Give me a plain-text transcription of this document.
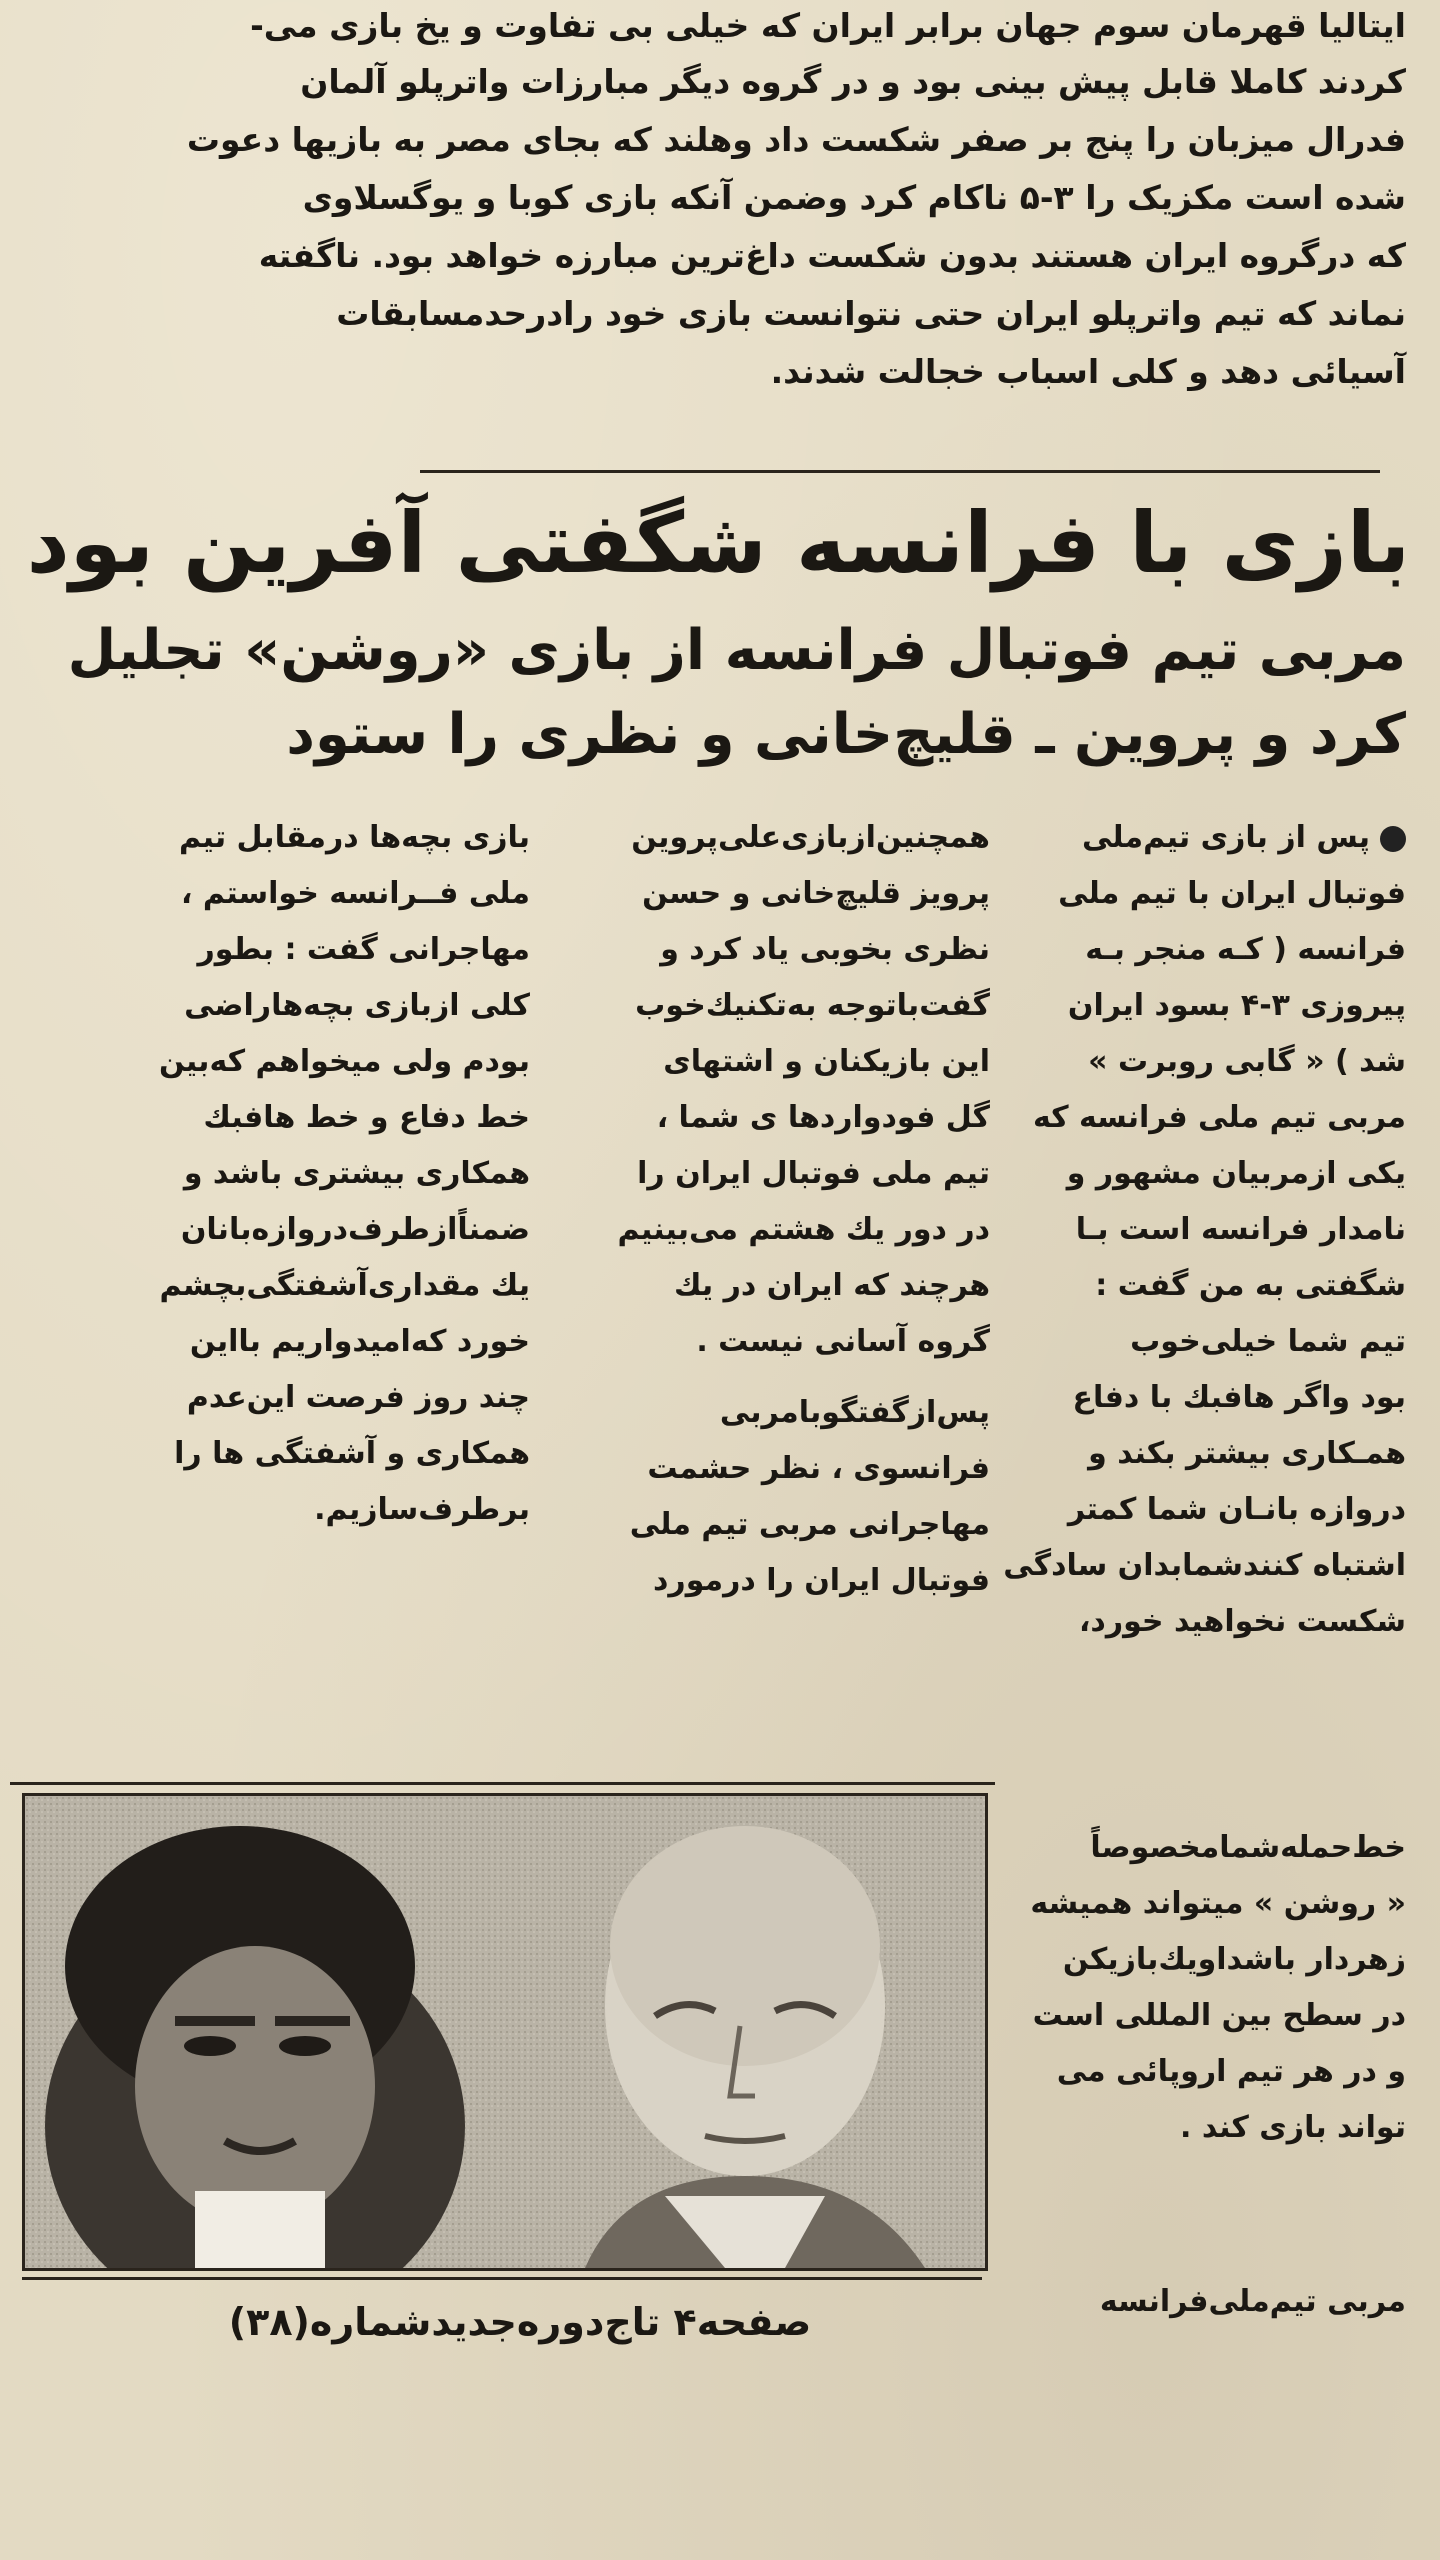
ایتالیا قهرمان سوم جهان برابر ایران که خیلی بی تفاوت و یخ بازی می-
کردند کاملا قابل پیش بینی بود و در گروه دیگر مبارزات واترپلو آلمان
فدرال میزبان را پنج بر صفر شکست داد وهلند که بجای مصر به بازیها دعوت
شده است مکزیک را ۳-۵ ناکام کرد وضمن آنکه بازی کوبا و یوگسلاوی
که درگروه ایران هستند بدون شکست داغ‌ترین مبارزه خواهد بود. ناگفته
نماند که تیم واترپلو ایران حتی نتوانست بازی خود رادرحدمسابقات
آسیائی دهد و کلی اسباب خجالت شدند.
بازی با فرانسه شگفتی آفرین بود
مربی تیم فوتبال فرانسه از بازی «روشن» تجلیل
کرد و پروین ـ قلیچ‌خانی و نظری را ستود
پس از بازی تیم‌ملی
فوتبال ایران با تیم ملی
فرانسه ( کـه منجر بـه
پیروزی ۳-۴ بسود ایران
شد ) « گابی روبرت »
مربی تیم ملی فرانسه که
یکی ازمربیان مشهور و
نامدار فرانسه است بـا
شگفتی به من گفت :
تیم شما خیلی‌خوب
بود واگر هافبك با دفاع
همـکاری بیشتر بکند و
دروازه بانـان شما کمتر
اشتباه کنندشمابدان سادگی
شکست نخواهید خورد،
خط‌حمله‌شمامخصوصاً
« روشن » میتواند همیشه
زهردار باشداویك‌بازیکن
در سطح بین المللی است
و در هر تیم اروپائی می
تواند بازی کند .
همچنین‌ازبازی‌علی‌پروین
پرویز قلیچ‌خانی و حسن
نظری بخوبی یاد کرد و
گفت‌باتوجه به‌تکنیك‌خوب
این بازیکنان و اشتهای
گل فودواردها ی شما ،
تیم ملی فوتبال ایران را
در دور یك هشتم می‌بینیم
هرچند که ایران در یك
گروه آسانی نیست .
پس‌ازگفتگوبامربی
فرانسوی ، نظر حشمت
مهاجرانی مربی تیم ملی
فوتبال ایران را درمورد
بازی بچه‌ها درمقابل تیم
ملی فــرانسه خواستم ،
مهاجرانی گفت : بطور
کلی ازبازی بچه‌هاراضی
بودم ولی میخواهم که‌بین
خط دفاع و خط هافبك
همکاری بیشتری باشد و
ضمناً‌ازطرف‌دروازه‌بانان
یك مقداری‌آشفتگی‌بچشم
خورد که‌امیدواریم بااین
چند روز فرصت این‌عدم
همکاری و آشفتگی ها را
برطرف‌سازیم.
صفحه۴ تاج‌دوره‌جدیدشماره(۳۸)	مربی تیم‌ملی‌فرانسه
